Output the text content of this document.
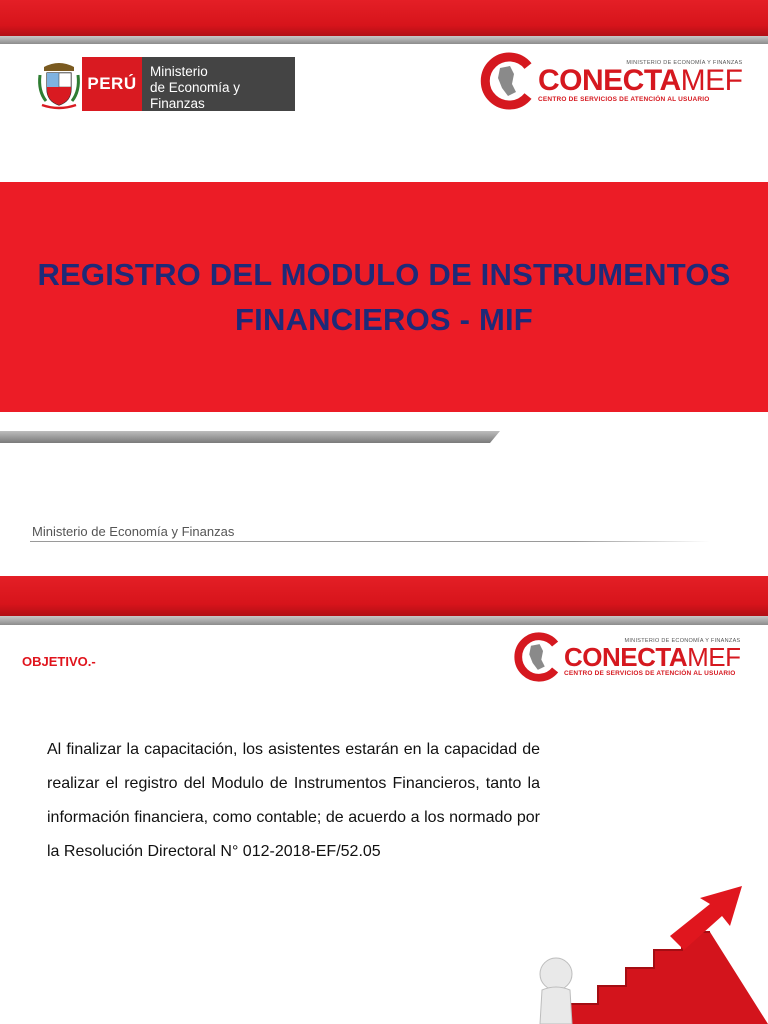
PERÚ
Ministerio
de Economía y Finanzas
MINISTERIO DE ECONOMÍA Y FINANZAS
CONECTAMEF
CENTRO DE SERVICIOS DE ATENCIÓN AL USUARIO
REGISTRO DEL MODULO DE INSTRUMENTOS
FINANCIEROS - MIF
Ministerio de Economía y Finanzas
MINISTERIO DE ECONOMÍA Y FINANZAS
CONECTAMEF
CENTRO DE SERVICIOS DE ATENCIÓN AL USUARIO
OBJETIVO.-
Al finalizar la capacitación, los asistentes estarán en la capacidad de realizar el registro del Modulo de Instrumentos Financieros, tanto la información financiera, como contable; de acuerdo a los normado por la Resolución Directoral N° 012-2018-EF/52.05
